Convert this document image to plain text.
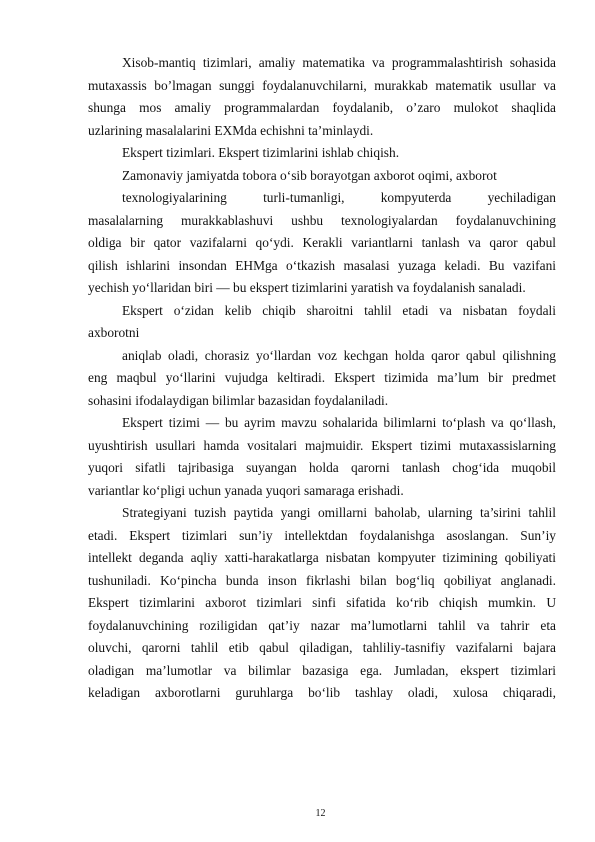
Xisob-mantiq tizimlari, amaliy matematika va programmalashtirish sohasida
mutaxassis bo’lmagan sunggi foydalanuvchilarni, murakkab matematik usullar va
shunga mos amaliy programmalardan foydalanib, o’zaro mulokot shaqlida
uzlarining masalalarini EXMda echishni ta’minlaydi.
Ekspert tizimlari. Ekspert tizimlarini ishlab chiqish.
Zamonaviy jamiyatda tobora o‘sib borayotgan axborot oqimi, axborot
texnologiyalarining turli-tumanligi, kompyuterda yechiladigan
masalalarning murakkablashuvi ushbu texnologiyalardan foydalanuvchining
oldiga bir qator vazifalarni qo‘ydi. Kerakli variantlarni tanlash va qaror qabul
qilish ishlarini insondan EHMga o‘tkazish masalasi yuzaga keladi. Bu vazifani
yechish yo‘llaridan biri — bu ekspert tizimlarini yaratish va foydalanish sanaladi.
Ekspert o‘zidan kelib chiqib sharoitni tahlil etadi va nisbatan foydali
axborotni
aniqlab oladi, chorasiz yo‘llardan voz kechgan holda qaror qabul qilishning
eng maqbul yo‘llarini vujudga keltiradi. Ekspert tizimida ma’lum bir predmet
sohasini ifodalaydigan bilimlar bazasidan foydalaniladi.
Ekspert tizimi — bu ayrim mavzu sohalarida bilimlarni to‘plash va qo‘llash,
uyushtirish usullari hamda vositalari majmuidir. Ekspert tizimi mutaxassislarning
yuqori sifatli tajribasiga suyangan holda qarorni tanlash chog‘ida muqobil
variantlar ko‘pligi uchun yanada yuqori samaraga erishadi.
Strategiyani tuzish paytida yangi omillarni baholab, ularning ta’sirini tahlil
etadi. Ekspert tizimlari sun’iy intellektdan foydalanishga asoslangan. Sun’iy
intellekt deganda aqliy xatti-harakatlarga nisbatan kompyuter tizimining qobiliyati
tushuniladi. Ko‘pincha bunda inson fikrlashi bilan bog‘liq qobiliyat anglanadi.
Ekspert tizimlarini axborot tizimlari sinfi sifatida ko‘rib chiqish mumkin. U
foydalanuvchining roziligidan qat’iy nazar ma’lumotlarni tahlil va tahrir eta
oluvchi, qarorni tahlil etib qabul qiladigan, tahliliy-tasnifiy vazifalarni bajara
oladigan ma’lumotlar va bilimlar bazasiga ega. Jumladan, ekspert tizimlari
keladigan axborotlarni guruhlarga bo‘lib tashlay oladi, xulosa chiqaradi,
12
